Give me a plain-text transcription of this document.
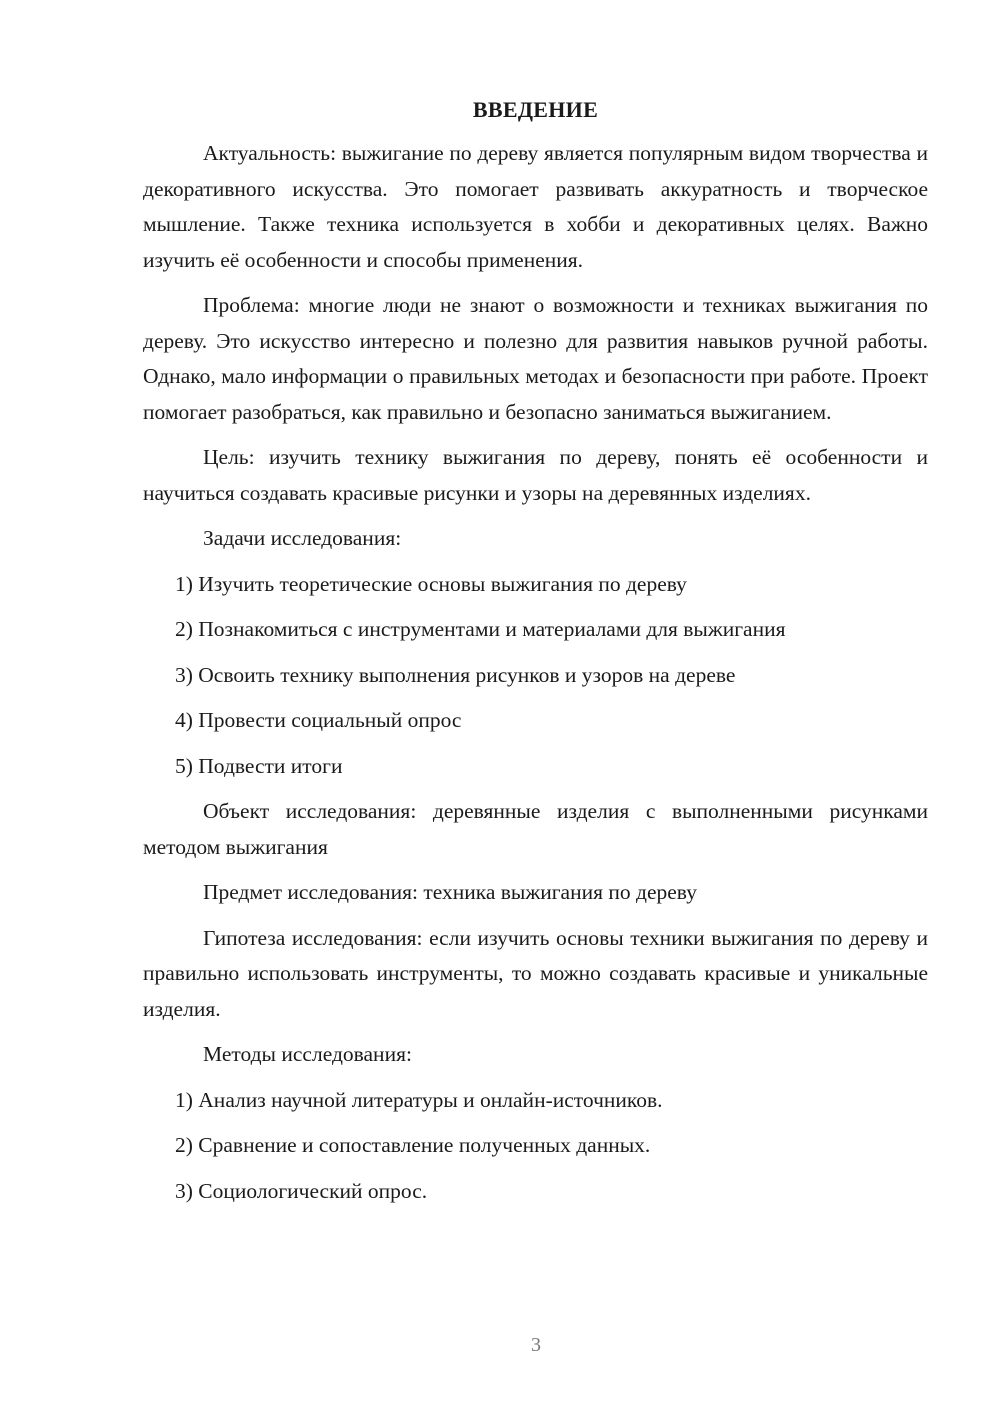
ВВЕДЕНИЕ

Актуальность: выжигание по дереву является популярным видом творчества и декоративного искусства. Это помогает развивать аккуратность и творческое мышление. Также техника используется в хобби и декоративных целях. Важно изучить её особенности и способы применения.

Проблема: многие люди не знают о возможности и техниках выжигания по дереву. Это искусство интересно и полезно для развития навыков ручной работы. Однако, мало информации о правильных методах и безопасности при работе. Проект помогает разобраться, как правильно и безопасно заниматься выжиганием.

Цель: изучить технику выжигания по дереву, понять её особенности и научиться создавать красивые рисунки и узоры на деревянных изделиях.

Задачи исследования:
1) Изучить теоретические основы выжигания по дереву
2) Познакомиться с инструментами и материалами для выжигания
3) Освоить технику выполнения рисунков и узоров на дереве
4) Провести социальный опрос
5) Подвести итоги

Объект исследования: деревянные изделия с выполненными рисунками методом выжигания

Предмет исследования: техника выжигания по дереву

Гипотеза исследования: если изучить основы техники выжигания по дереву и правильно использовать инструменты, то можно создавать красивые и уникальные изделия.

Методы исследования:
1) Анализ научной литературы и онлайн-источников.
2) Сравнение и сопоставление полученных данных.
3) Социологический опрос.
3
